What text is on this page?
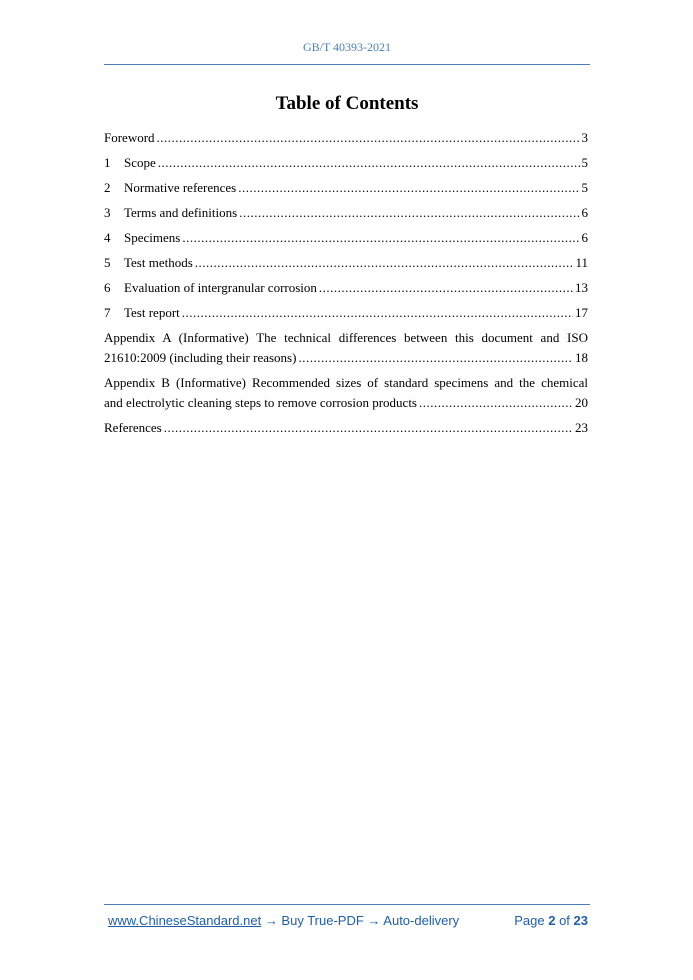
GB/T 40393-2021
Table of Contents
Foreword .....	3
1	Scope .....	5
2	Normative references .....	5
3	Terms and definitions .....	6
4	Specimens .....	6
5	Test methods .....	11
6	Evaluation of intergranular corrosion .....	13
7	Test report .....	17
Appendix A (Informative) The technical differences between this document and ISO
21610:2009 (including their reasons) .....	18
Appendix B (Informative) Recommended sizes of standard specimens and the chemical
and electrolytic cleaning steps to remove corrosion products .....	20
References .....	23
www.ChineseStandard.net → Buy True-PDF → Auto-delivery	Page 2 of 23
